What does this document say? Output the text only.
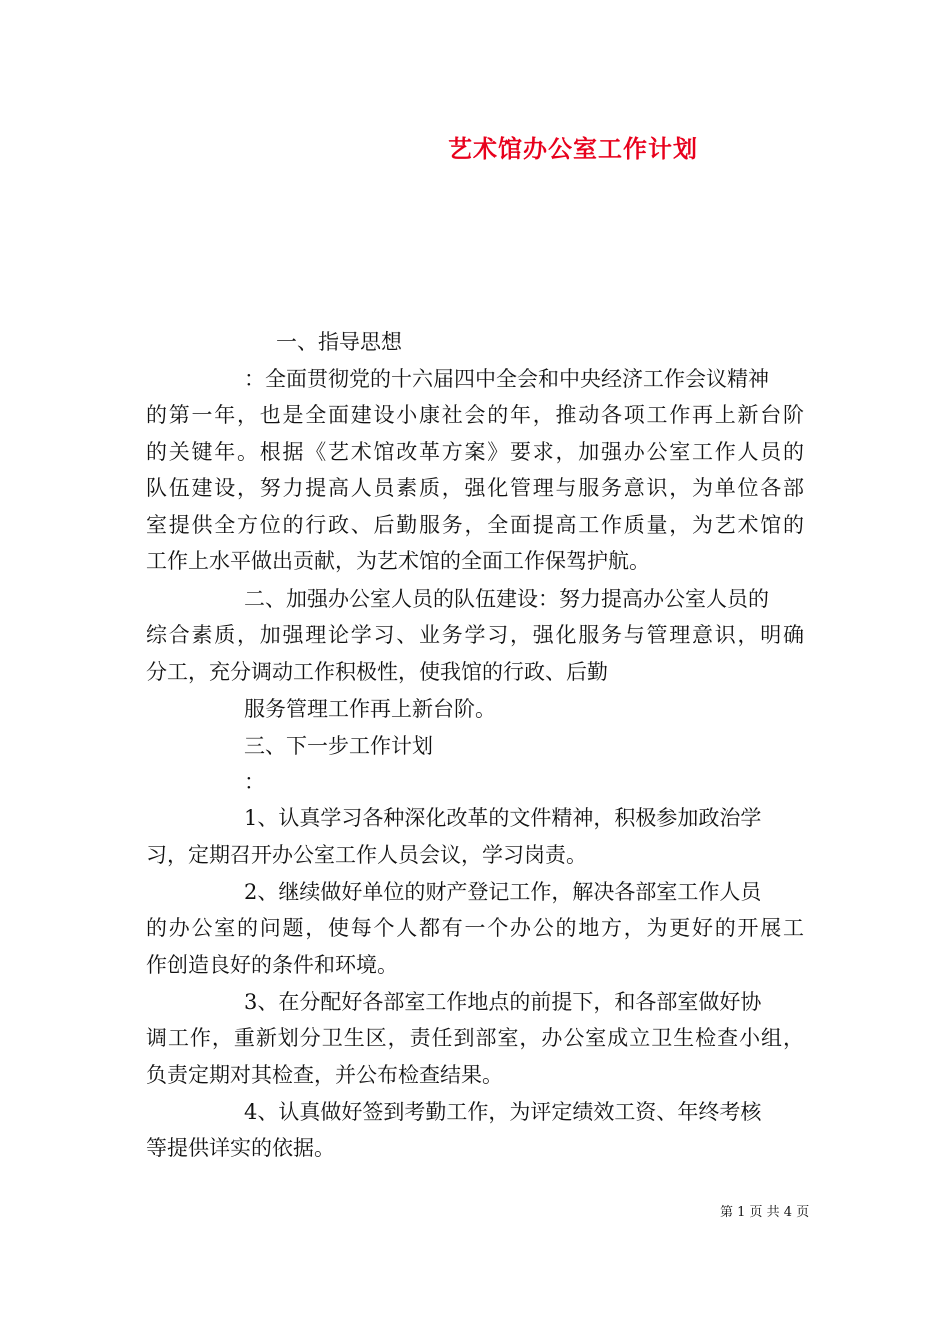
艺术馆办公室工作计划
一、指导思想
：全面贯彻党的十六届四中全会和中央经济工作会议精神
的第一年，也是全面建设小康社会的年，推动各项工作再上新台阶
的关键年。根据《艺术馆改革方案》要求，加强办公室工作人员的
队伍建设，努力提高人员素质，强化管理与服务意识，为单位各部
室提供全方位的行政、后勤服务，全面提高工作质量，为艺术馆的
工作上水平做出贡献，为艺术馆的全面工作保驾护航。
二、加强办公室人员的队伍建设：努力提高办公室人员的
综合素质，加强理论学习、业务学习，强化服务与管理意识，明确
分工，充分调动工作积极性，使我馆的行政、后勤
服务管理工作再上新台阶。
三、下一步工作计划
：
1、认真学习各种深化改革的文件精神，积极参加政治学
习，定期召开办公室工作人员会议，学习岗责。
2、继续做好单位的财产登记工作，解决各部室工作人员
的办公室的问题，使每个人都有一个办公的地方，为更好的开展工
作创造良好的条件和环境。
3、在分配好各部室工作地点的前提下，和各部室做好协
调工作，重新划分卫生区，责任到部室，办公室成立卫生检查小组，
负责定期对其检查，并公布检查结果。
4、认真做好签到考勤工作，为评定绩效工资、年终考核
等提供详实的依据。
第 1 页 共 4 页
